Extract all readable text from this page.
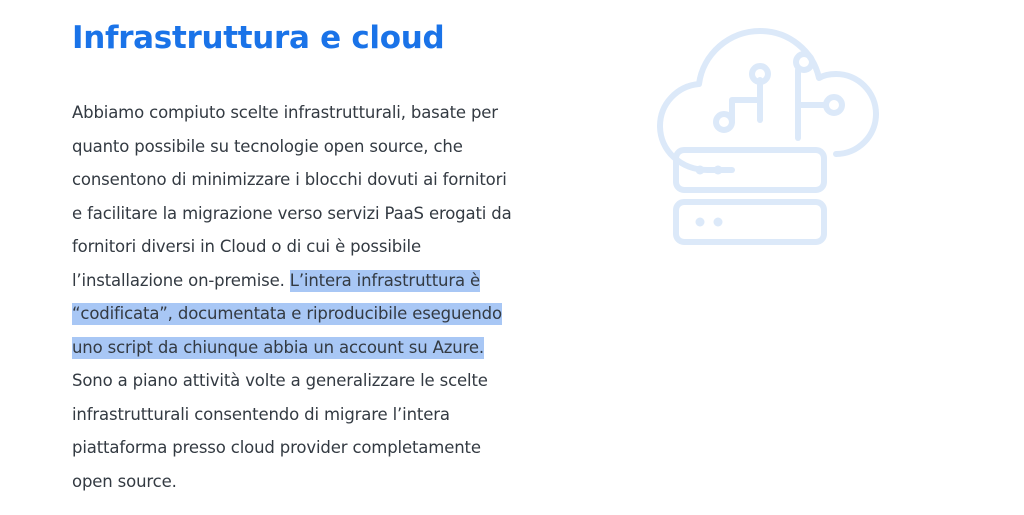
Infrastruttura e cloud

Abbiamo compiuto scelte infrastrutturali, basate per quanto possibile su tecnologie open source, che consentono di minimizzare i blocchi dovuti ai fornitori e facilitare la migrazione verso servizi PaaS erogati da fornitori diversi in Cloud o di cui è possibile l’installazione on-premise. L’intera infrastruttura è “codificata”, documentata e riproducibile eseguendo uno script da chiunque abbia un account su Azure. Sono a piano attività volte a generalizzare le scelte infrastrutturali consentendo di migrare l’intera piattaforma presso cloud provider completamente open source.
